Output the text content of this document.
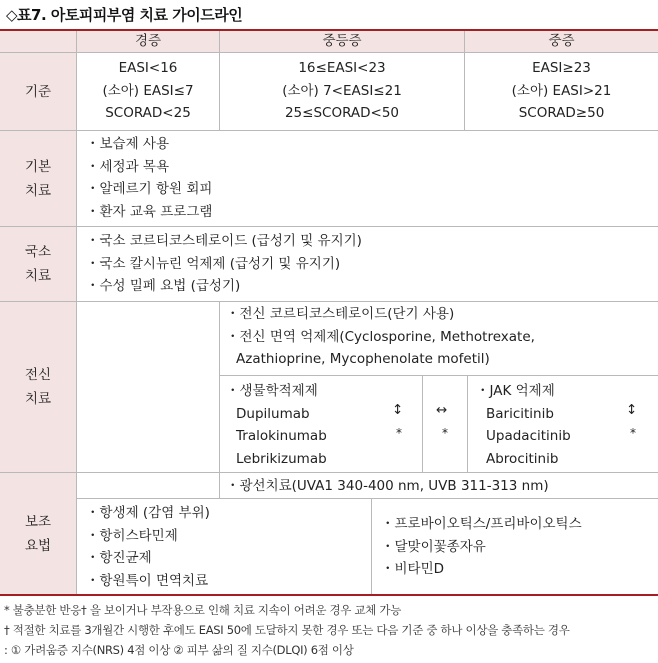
◇표7. 아토피피부염 치료 가이드라인
경증	중등증	중증
기준

기본

치료

국소

치료

전신

치료

보조

요법

EASI<16

(소아) EASI≤7

SCORAD<25

16≤EASI<23

(소아) 7<EASI≤21

25≤SCORAD<50

EASI≥23

(소아) EASI>21

SCORAD≥50

・보습제 사용

・세정과 목욕

・알레르기 항원 회피

・환자 교육 프로그램

・국소 코르티코스테로이드 (급성기 및 유지기)

・국소 칼시뉴린 억제제 (급성기 및 유지기)

・수성 밀페 요법 (급성기)

・전신 코르티코스테로이드(단기 사용)

・전신 면역 억제제(Cyclosporine, Methotrexate,

Azathioprine, Mycophenolate mofetil)

・생물학적제제

Dupilumab

Tralokinumab

Lebrikizumab

↕
*
↔
*

・JAK 억제제

Baricitinib

Upadacitinib

Abrocitinib

↕
*
・광선치료(UVA1 340-400 nm, UVB 311-313 nm)

・항생제 (감염 부위)

・항히스타민제

・항진균제

・항원특이 면역치료

・프로바이오틱스/프리바이오틱스

・달맞이꽃종자유

・비타민D

* 불충분한 반응† 을 보이거나 부작용으로 인해 치료 지속이 어려운 경우 교체 가능

† 적절한 치료를 3개월간 시행한 후에도 EASI 50에 도달하지 못한 경우 또는 다음 기준 중 하나 이상을 충족하는 경우

: ① 가려움증 지수(NRS) 4점 이상 ② 피부 삶의 질 지수(DLQI) 6점 이상
